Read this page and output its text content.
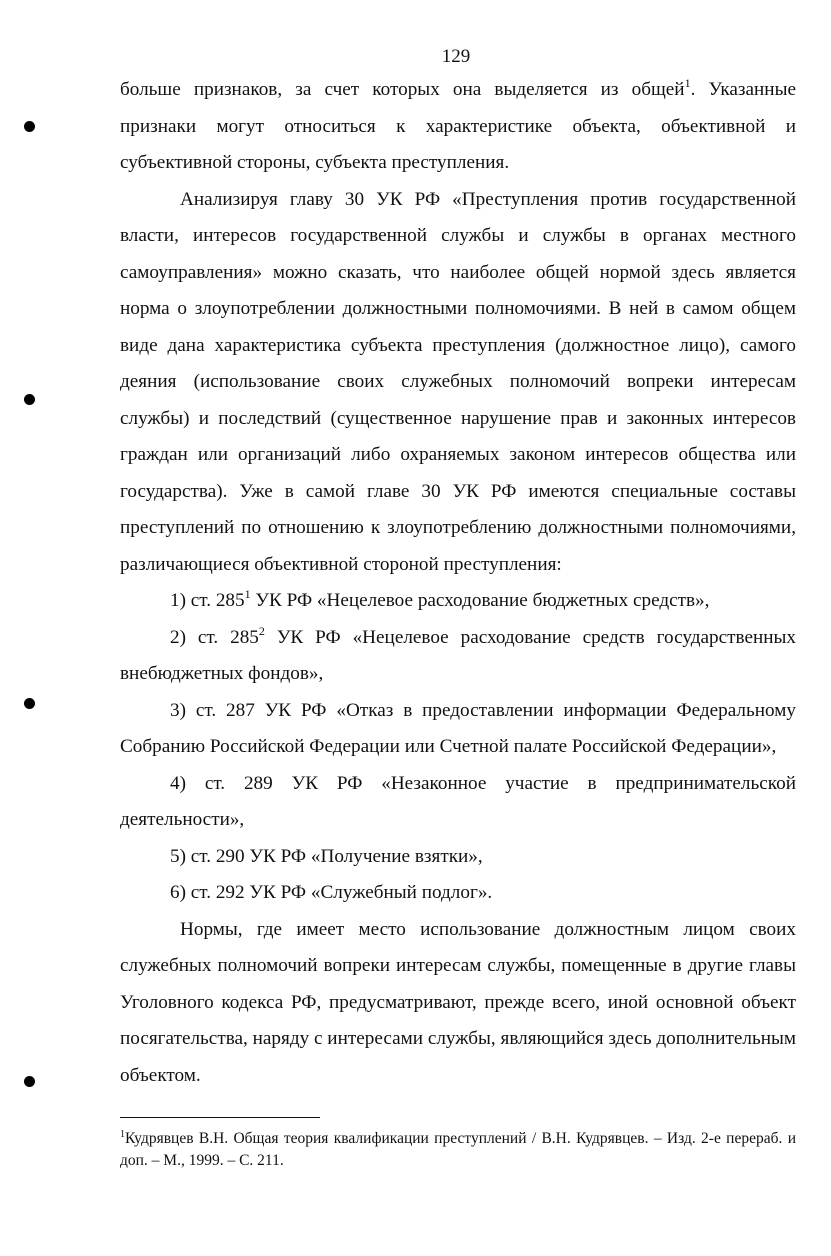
129

больше признаков, за счет которых она выделяется из общей$^1$. Указанные признаки могут относиться к характеристике объекта, объективной и субъективной стороны, субъекта преступления.

Анализируя главу 30 УК РФ «Преступления против государственной власти, интересов государственной службы и службы в органах местного самоуправления» можно сказать, что наиболее общей нормой здесь является норма о злоупотреблении должностными полномочиями. В ней в самом общем виде дана характеристика субъекта преступления (должностное лицо), самого деяния (использование своих служебных полномочий вопреки интересам службы) и последствий (существенное нарушение прав и законных интересов граждан или организаций либо охраняемых законом интересов общества или государства). Уже в самой главе 30 УК РФ имеются специальные составы преступлений по отношению к злоупотреблению должностными полномочиями, различающиеся объективной стороной преступления:

1) ст. $285^1$ УК РФ «Нецелевое расходование бюджетных средств»,

2) ст. $285^2$ УК РФ «Нецелевое расходование средств государственных внебюджетных фондов»,

3) ст. 287 УК РФ «Отказ в предоставлении информации Федеральному Собранию Российской Федерации или Счетной палате Российской Федерации»,

4) ст. 289 УК РФ «Незаконное участие в предпринимательской деятельности»,

5) ст. 290 УК РФ «Получение взятки»,

6) ст. 292 УК РФ «Служебный подлог».

Нормы, где имеет место использование должностным лицом своих служебных полномочий вопреки интересам службы, помещенные в другие главы Уголовного кодекса РФ, предусматривают, прежде всего, иной основной объект посягательства, наряду с интересами службы, являющийся здесь дополнительным объектом.

$^1$Кудрявцев В.Н. Общая теория квалификации преступлений / В.Н. Кудрявцев. – Изд. 2-е перераб. и доп. – М., 1999. – С. 211.
